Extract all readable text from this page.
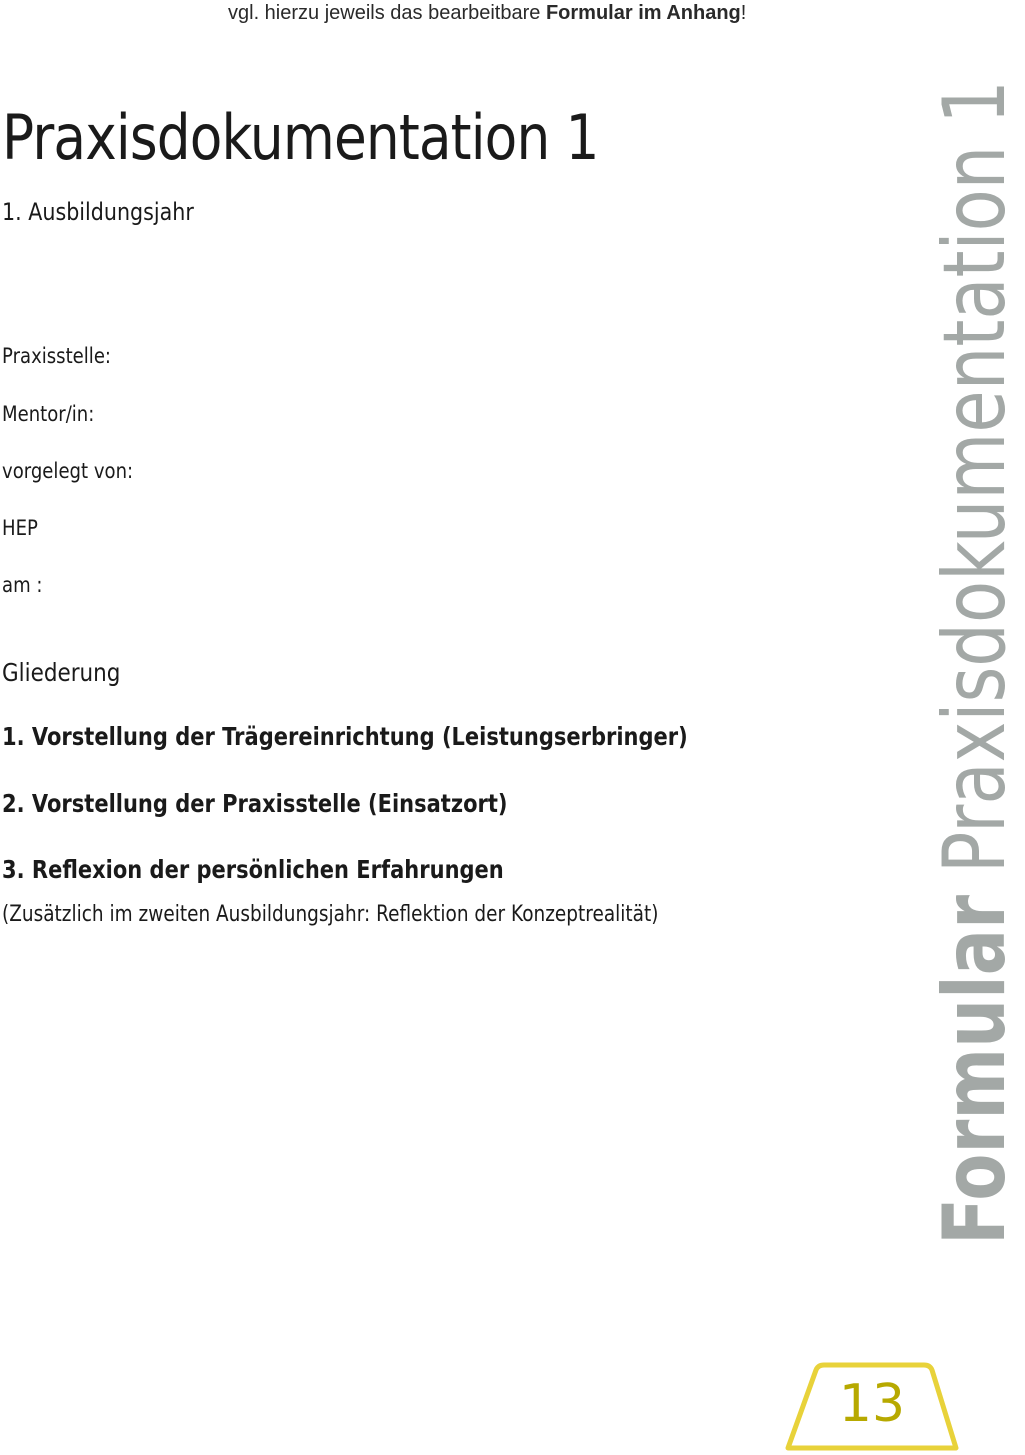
vgl. hierzu jeweils das bearbeitbare Formular im Anhang!
Praxisdokumentation 1
1. Ausbildungsjahr
Praxisstelle:
Mentor/in:
vorgelegt von:
HEP
am :
Gliederung
1. Vorstellung der Trägereinrichtung (Leistungserbringer)
2. Vorstellung der Praxisstelle (Einsatzort)
3. Reflexion der persönlichen Erfahrungen
(Zusätzlich im zweiten Ausbildungsjahr: Reflektion der Konzeptrealität)	Formular Praxisdokumentation 1
13
